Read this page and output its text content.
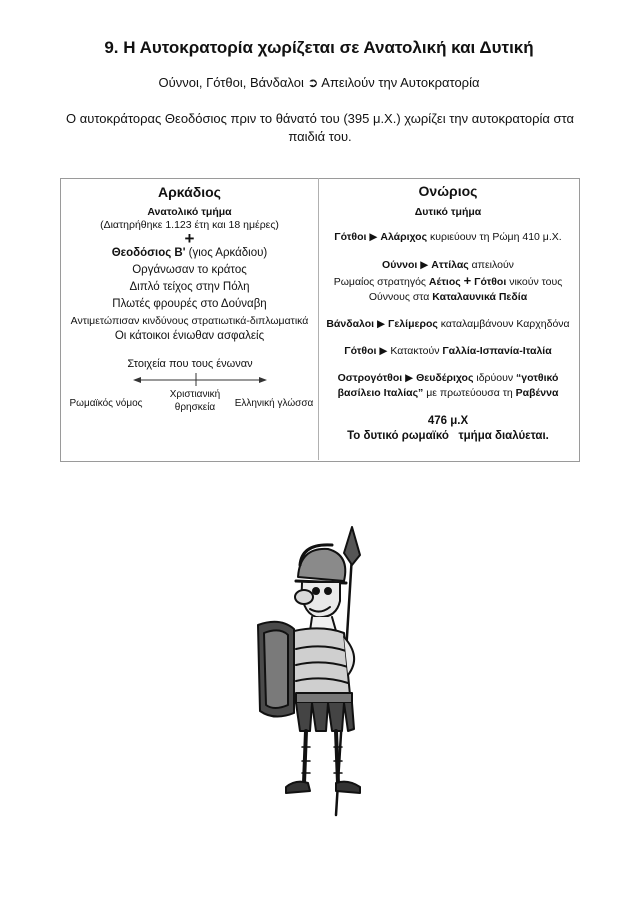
9. Η Αυτοκρατορία χωρίζεται σε Ανατολική και Δυτική
Ούννοι, Γότθοι, Βάνδαλοι ➲ Απειλούν την Αυτοκρατορία
Ο αυτοκράτορας Θεοδόσιος πριν το θάνατό του (395 μ.Χ.) χωρίζει την αυτοκρατορία στα παιδιά του.
Αρκάδιος
Ανατολικό τμήμα
(Διατηρήθηκε 1.123 έτη και 18 ημέρες)
+
Θεοδόσιος Β' (γιος Αρκάδιου)
Οργάνωσαν το κράτος
Διπλό τείχος στην Πόλη
Πλωτές φρουρές στο Δούναβη
Αντιμετώπισαν κινδύνους στρατιωτικά-διπλωματικά
Οι κάτοικοι ένιωθαν ασφαλείς
Στοιχεία που τους ένωναν
Ρωμαϊκός νόμος
Χριστιανική θρησκεία	Ελληνική γλώσσα
Ονώριος
Δυτικό τμήμα
Γότθοι ▶ Αλάριχος κυριεύουν τη Ρώμη 410 μ.Χ.
Ούννοι ▶ Αττίλας απειλούν
Ρωμαίος στρατηγός Αέτιος + Γότθοι νικούν τους
Ούννους στα Καταλαυνικά Πεδία
Βάνδαλοι ▶ Γελίμερος καταλαμβάνουν Καρχηδόνα
Γότθοι ▶ Κατακτούν Γαλλία-Ισπανία-Ιταλία
Οστρογότθοι ▶ Θευδέριχος ιδρύουν “γοτθικό
βασίλειο Ιταλίας” με πρωτεύουσα τη Ραβέννα
476 μ.Χ
Το δυτικό ρωμαϊκό   τμήμα διαλύεται.
